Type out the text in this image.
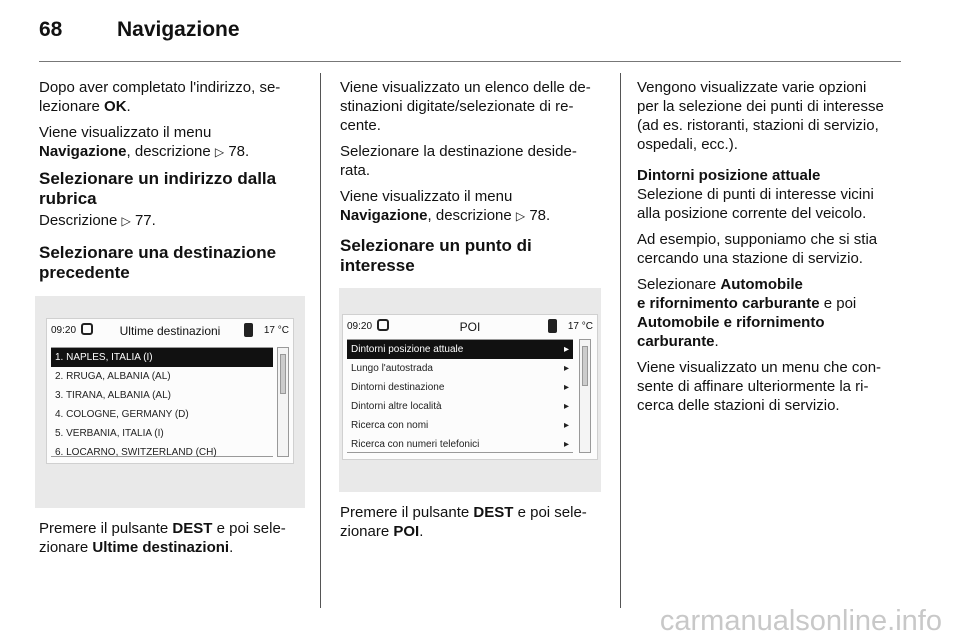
68	Navigazione

Dopo aver completato l'indirizzo, se-
lezionare OK.

Viene visualizzato il menu
Navigazione, descrizione ▷ 78.

Selezionare un indirizzo dalla
rubrica

Descrizione ▷ 77.

Selezionare una destinazione
precedente
09:20	Ultime destinazioni	17 °C
1. NAPLES, ITALIA (I)
2. RRUGA, ALBANIA (AL)
3. TIRANA, ALBANIA (AL)
4. COLOGNE, GERMANY (D)
5. VERBANIA, ITALIA (I)
6. LOCARNO, SWITZERLAND (CH)

Premere il pulsante DEST e poi sele-
zionare Ultime destinazioni.

Viene visualizzato un elenco delle de-
stinazioni digitate/selezionate di re-
cente.

Selezionare la destinazione deside-
rata.

Viene visualizzato il menu
Navigazione, descrizione ▷ 78.

Selezionare un punto di
interesse
09:20	POI	17 °C
Dintorni posizione attuale	▸
Lungo l'autostrada	▸
Dintorni destinazione	▸
Dintorni altre località	▸
Ricerca con nomi	▸
Ricerca con numeri telefonici	▸

Premere il pulsante DEST e poi sele-
zionare POI.

Vengono visualizzate varie opzioni
per la selezione dei punti di interesse
(ad es. ristoranti, stazioni di servizio,
ospedali, ecc.).

Dintorni posizione attuale

Selezione di punti di interesse vicini
alla posizione corrente del veicolo.

Ad esempio, supponiamo che si stia
cercando una stazione di servizio.

Selezionare Automobile
e rifornimento carburante e poi
Automobile e rifornimento
carburante.

Viene visualizzato un menu che con-
sente di affinare ulteriormente la ri-
cerca delle stazioni di servizio.

carmanualsonline.info
